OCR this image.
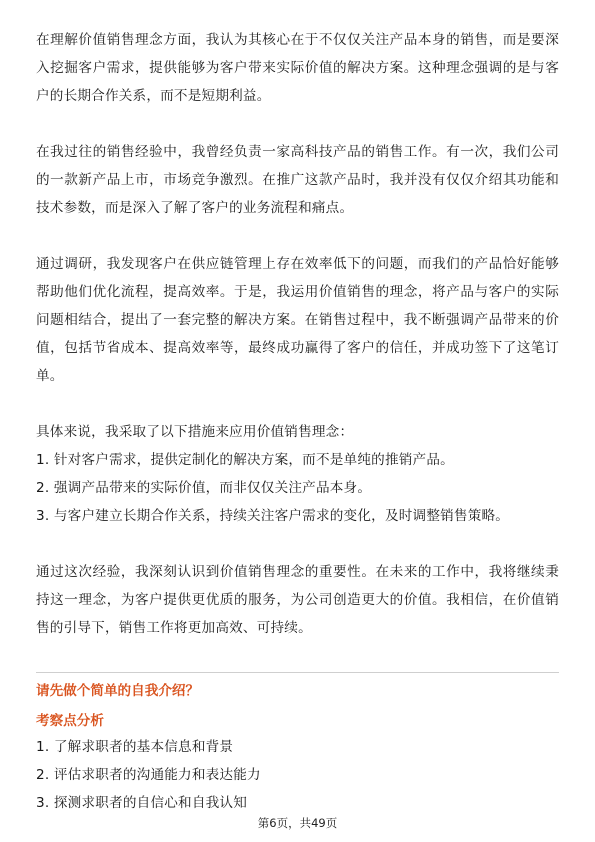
在理解价值销售理念方面，我认为其核心在于不仅仅关注产品本身的销售，而是要深入挖掘客户需求，提供能够为客户带来实际价值的解决方案。这种理念强调的是与客户的长期合作关系，而不是短期利益。

在我过往的销售经验中，我曾经负责一家高科技产品的销售工作。有一次，我们公司的一款新产品上市，市场竞争激烈。在推广这款产品时，我并没有仅仅介绍其功能和技术参数，而是深入了解了客户的业务流程和痛点。

通过调研，我发现客户在供应链管理上存在效率低下的问题，而我们的产品恰好能够帮助他们优化流程，提高效率。于是，我运用价值销售的理念，将产品与客户的实际问题相结合，提出了一套完整的解决方案。在销售过程中，我不断强调产品带来的价值，包括节省成本、提高效率等，最终成功赢得了客户的信任，并成功签下了这笔订单。

具体来说，我采取了以下措施来应用价值销售理念：

1. 针对客户需求，提供定制化的解决方案，而不是单纯的推销产品。

2. 强调产品带来的实际价值，而非仅仅关注产品本身。

3. 与客户建立长期合作关系，持续关注客户需求的变化，及时调整销售策略。

通过这次经验，我深刻认识到价值销售理念的重要性。在未来的工作中，我将继续秉持这一理念，为客户提供更优质的服务，为公司创造更大的价值。我相信，在价值销售的引导下，销售工作将更加高效、可持续。

请先做个简单的自我介绍？

考察点分析

1. 了解求职者的基本信息和背景

2. 评估求职者的沟通能力和表达能力

3. 探测求职者的自信心和自我认知

第6页，共49页
